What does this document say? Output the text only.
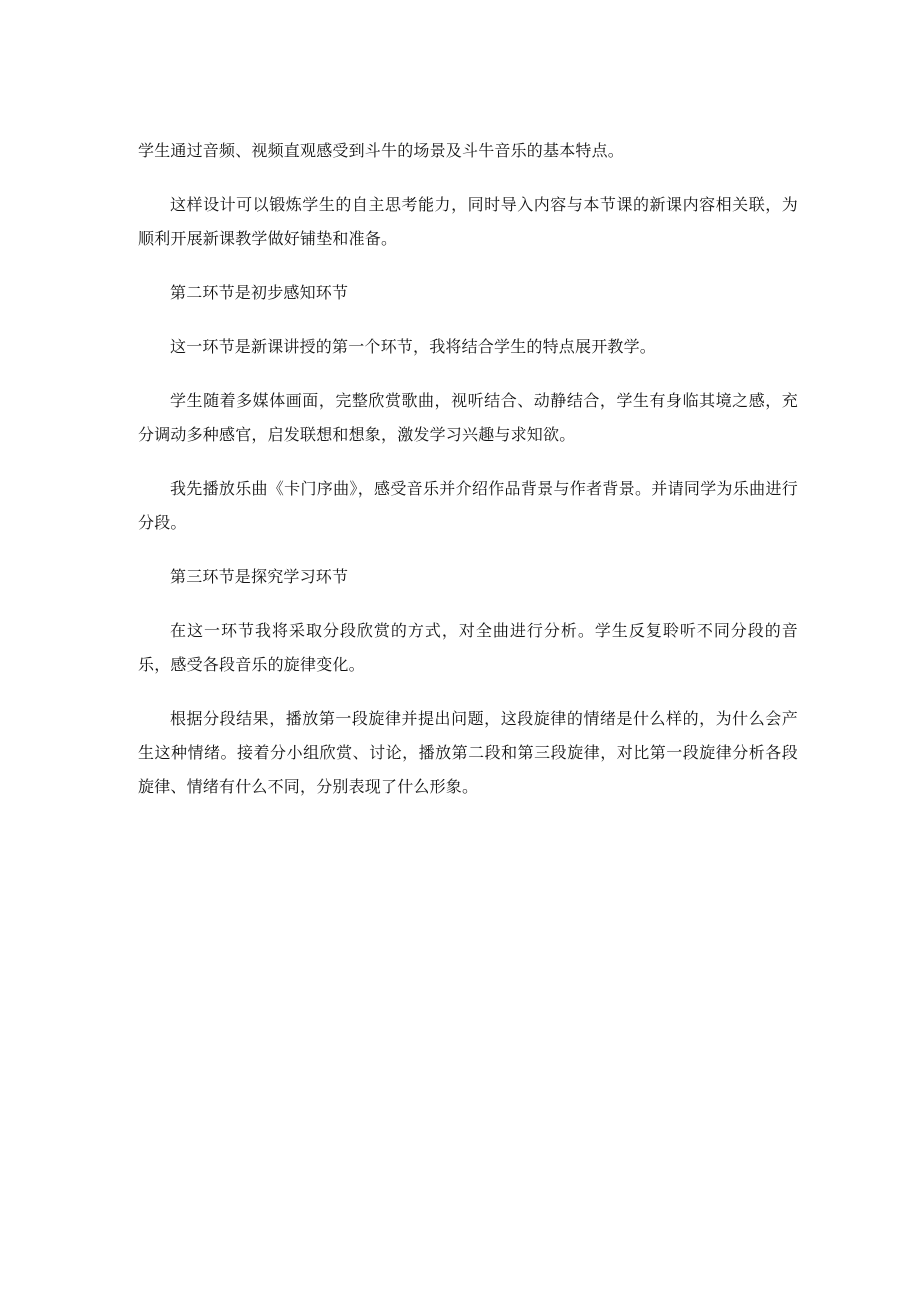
学生通过音频、视频直观感受到斗牛的场景及斗牛音乐的基本特点。

这样设计可以锻炼学生的自主思考能力，同时导入内容与本节课的新课内容相关联，为顺利开展新课教学做好铺垫和准备。

第二环节是初步感知环节

这一环节是新课讲授的第一个环节，我将结合学生的特点展开教学。

学生随着多媒体画面，完整欣赏歌曲，视听结合、动静结合，学生有身临其境之感，充分调动多种感官，启发联想和想象，激发学习兴趣与求知欲。

我先播放乐曲《卡门序曲》，感受音乐并介绍作品背景与作者背景。并请同学为乐曲进行分段。

第三环节是探究学习环节

在这一环节我将采取分段欣赏的方式，对全曲进行分析。学生反复聆听不同分段的音乐，感受各段音乐的旋律变化。

根据分段结果，播放第一段旋律并提出问题，这段旋律的情绪是什么样的，为什么会产生这种情绪。接着分小组欣赏、讨论，播放第二段和第三段旋律，对比第一段旋律分析各段旋律、情绪有什么不同，分别表现了什么形象。
